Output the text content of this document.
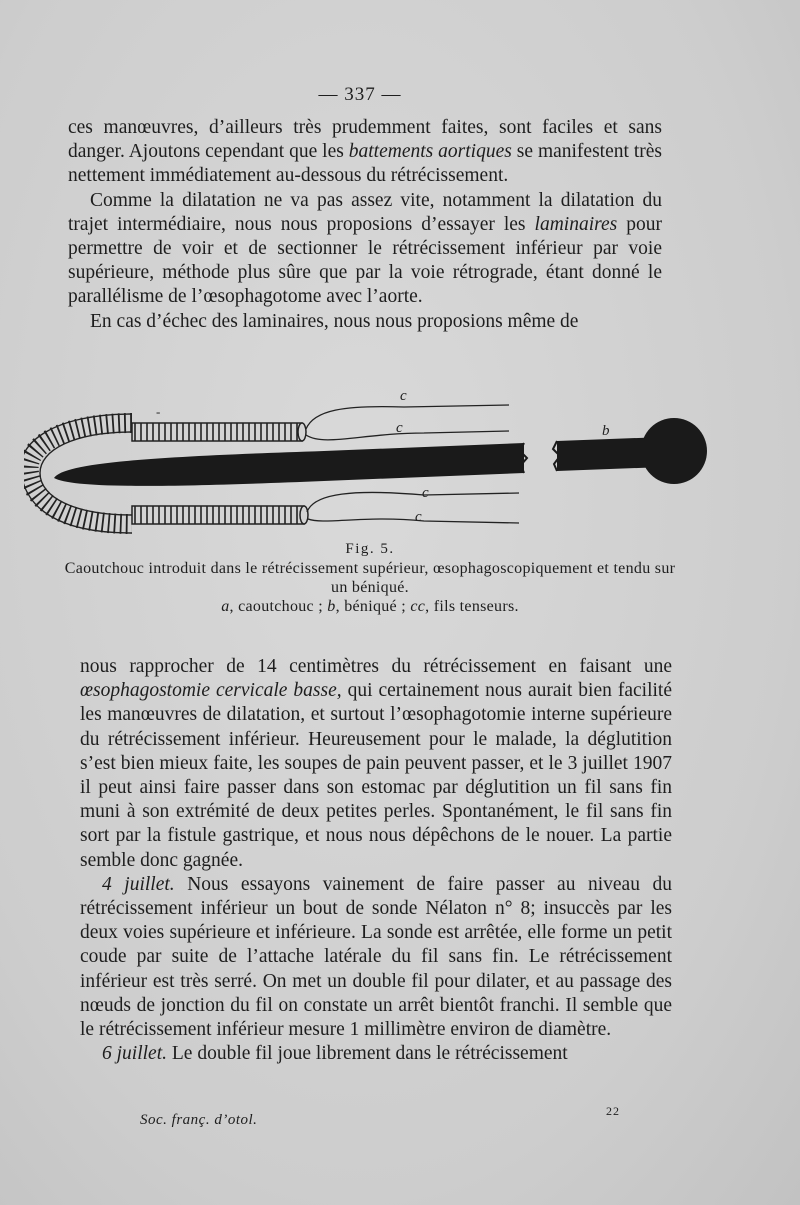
— 337 —

ces manœuvres, d’ailleurs très prudemment faites, sont faciles et sans danger. Ajoutons cependant que les battements aortiques se manifestent très nettement immédiatement au-dessous du rétrécissement.

Comme la dilatation ne va pas assez vite, notamment la dilatation du trajet intermédiaire, nous nous proposions d’essayer les laminaires pour permettre de voir et de sectionner le rétrécissement inférieur par voie supérieure, méthode plus sûre que par la voie rétrograde, étant donné le parallélisme de l’œsophagotome avec l’aorte.

En cas d’échec des laminaires, nous nous proposions même de

c
c
c
c
b
-
Fig. 5.
Caoutchouc introduit dans le rétrécissement supérieur, œsophagoscopiquement et tendu sur un béniqué.
a, caoutchouc ; b, béniqué ; cc, fils tenseurs.

nous rapprocher de 14 centimètres du rétrécissement en faisant une œsophagostomie cervicale basse, qui certainement nous aurait bien facilité les manœuvres de dilatation, et surtout l’œsophagotomie interne supérieure du rétrécissement inférieur. Heureusement pour le malade, la déglutition s’est bien mieux faite, les soupes de pain peuvent passer, et le 3 juillet 1907 il peut ainsi faire passer dans son estomac par déglutition un fil sans fin muni à son extrémité de deux petites perles. Spontanément, le fil sans fin sort par la fistule gastrique, et nous nous dépêchons de le nouer. La partie semble donc gagnée.

4 juillet. Nous essayons vainement de faire passer au niveau du rétrécissement inférieur un bout de sonde Nélaton n° 8; insuccès par les deux voies supérieure et inférieure. La sonde est arrêtée, elle forme un petit coude par suite de l’attache latérale du fil sans fin. Le rétrécissement inférieur est très serré. On met un double fil pour dilater, et au passage des nœuds de jonction du fil on constate un arrêt bientôt franchi. Il semble que le rétrécissement inférieur mesure 1 millimètre environ de diamètre.

6 juillet. Le double fil joue librement dans le rétrécissement

Soc. franç. d’otol.
22
